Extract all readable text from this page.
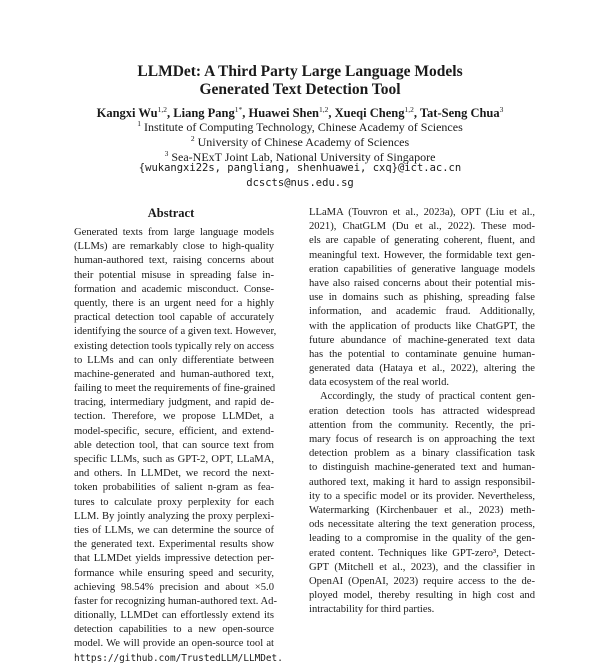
LLMDet: A Third Party Large Language Models
Generated Text Detection Tool
Kangxi Wu$^{1,2}$, Liang Pang$^{1*}$, Huawei Shen$^{1,2}$, Xueqi Cheng$^{1,2}$, Tat-Seng Chua$^3$
$^1$ Institute of Computing Technology, Chinese Academy of Sciences
$^2$ University of Chinese Academy of Sciences
$^3$ Sea-NExT Joint Lab, National University of Singapore
{wukangxi22s, pangliang, shenhuawei, cxq}@ict.ac.cn
dcscts@nus.edu.sg
Abstract
Generated texts from large language models
(LLMs) are remarkably close to high-quality
human-authored text, raising concerns about
their potential misuse in spreading false in-
formation and academic misconduct. Conse-
quently, there is an urgent need for a highly
practical detection tool capable of accurately
identifying the source of a given text. However,
existing detection tools typically rely on access
to LLMs and can only differentiate between
machine-generated and human-authored text,
failing to meet the requirements of fine-grained
tracing, intermediary judgment, and rapid de-
tection. Therefore, we propose LLMDet, a
model-specific, secure, efficient, and extend-
able detection tool, that can source text from
specific LLMs, such as GPT-2, OPT, LLaMA,
and others. In LLMDet, we record the next-
token probabilities of salient n-gram as fea-
tures to calculate proxy perplexity for each
LLM. By jointly analyzing the proxy perplexi-
ties of LLMs, we can determine the source of
the generated text. Experimental results show
that LLMDet yields impressive detection per-
formance while ensuring speed and security,
achieving 98.54% precision and about ×5.0
faster for recognizing human-authored text. Ad-
ditionally, LLMDet can effortlessly extend its
detection capabilities to a new open-source
model. We will provide an open-source tool at
https://github.com/TrustedLLM/LLMDet.
LLaMA (Touvron et al., 2023a), OPT (Liu et al.,
2021), ChatGLM (Du et al., 2022). These mod-
els are capable of generating coherent, fluent, and
meaningful text. However, the formidable text gen-
eration capabilities of generative language models
have also raised concerns about their potential mis-
use in domains such as phishing, spreading false
information, and academic fraud. Additionally,
with the application of products like ChatGPT, the
future abundance of machine-generated text data
has the potential to contaminate genuine human-
generated data (Hataya et al., 2022), altering the
data ecosystem of the real world.
Accordingly, the study of practical content gen-
eration detection tools has attracted widespread
attention from the community. Recently, the pri-
mary focus of research is on approaching the text
detection problem as a binary classification task
to distinguish machine-generated text and human-
authored text, making it hard to assign responsibil-
ity to a specific model or its provider. Nevertheless,
Watermarking (Kirchenbauer et al., 2023) meth-
ods necessitate altering the text generation process,
leading to a compromise in the quality of the gen-
erated content. Techniques like GPT-zero³, Detect-
GPT (Mitchell et al., 2023), and the classifier in
OpenAI (OpenAI, 2023) require access to the de-
ployed model, thereby resulting in high cost and
intractability for third parties.
